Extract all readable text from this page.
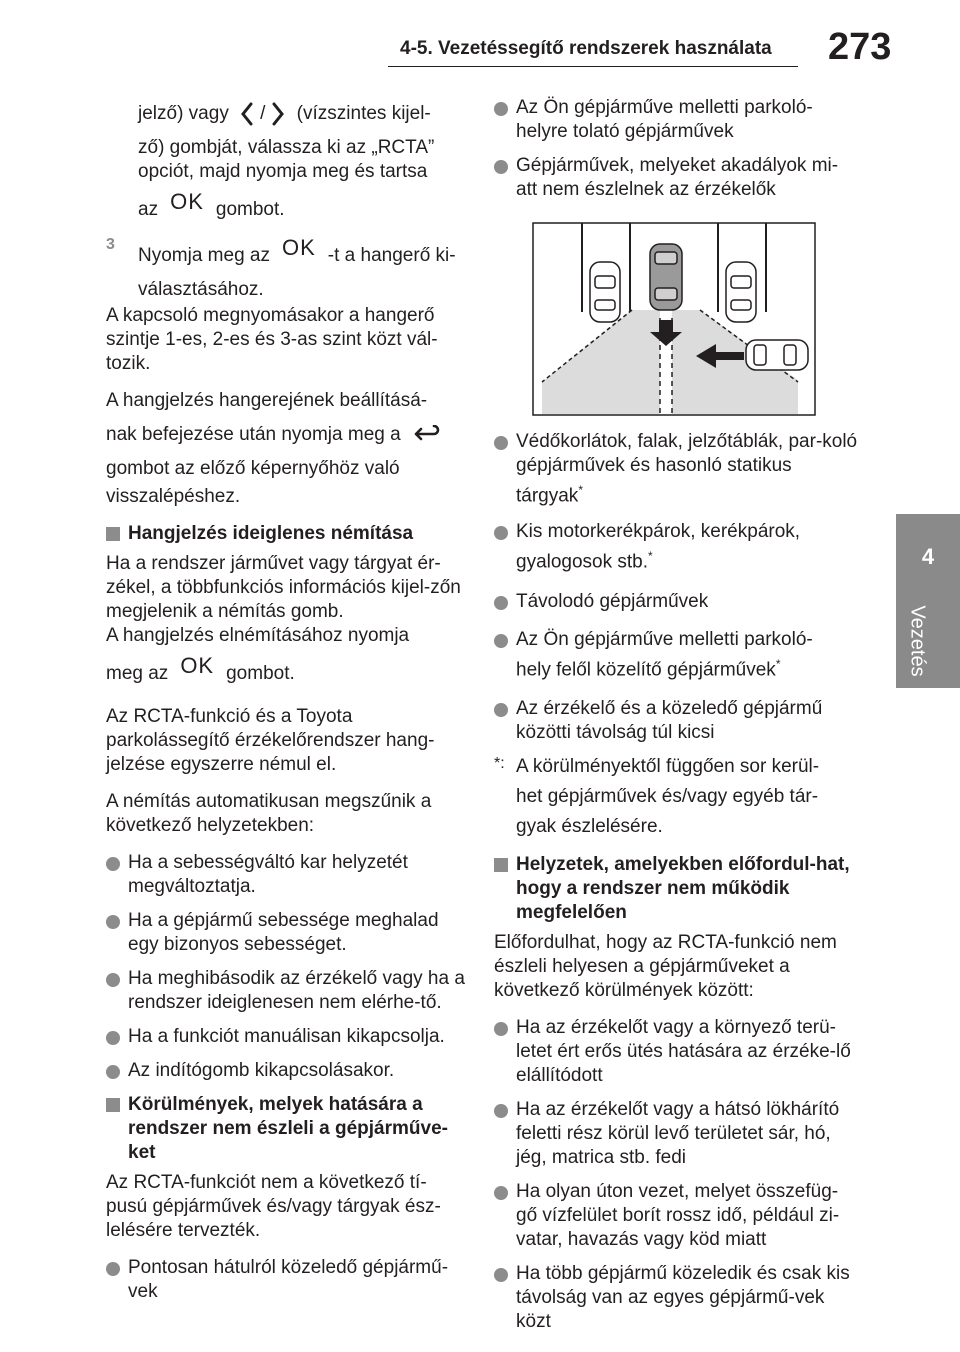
4-5. Vezetéssegítő rendszerek használata 273
4
Vezetés

jelző) vagy / (vízszintes kijel-

ző) gombját, válassza ki az „RCTA”

opciót, majd nyomja meg és tartsa

az OK gombot.

3

Nyomja meg az OK -t a hangerő ki-

választásához.

A kapcsoló megnyomásakor a hangerő szintje 1-es, 2-es és 3-as szint közt vál-tozik.

A hangjelzés hangerejének beállításá-

nak befejezése után nyomja meg a

gombot az előző képernyőhöz való

visszalépéshez.

Hangjelzés ideiglenes némítása

Ha a rendszer járművet vagy tárgyat ér-zékel, a többfunkciós információs kijel-zőn megjelenik a némítás gomb.

A hangjelzés elnémításához nyomja

meg az OK gombot.

Az RCTA-funkció és a Toyota parkolássegítő érzékelőrendszer hang-jelzése egyszerre némul el.

A némítás automatikusan megszűnik a következő helyzetekben:

Ha a sebességváltó kar helyzetét megváltoztatja.
Ha a gépjármű sebessége meghalad egy bizonyos sebességet.
Ha meghibásodik az érzékelő vagy ha a rendszer ideiglenesen nem elérhe-tő.
Ha a funkciót manuálisan kikapcsolja.
Az indítógomb kikapcsolásakor.
Körülmények, melyek hatására a rendszer nem észleli a gépjárműve-ket

Az RCTA-funkciót nem a következő tí-pusú gépjárművek és/vagy tárgyak ész-lelésére tervezték.

Pontosan hátulról közeledő gépjármű-vek
Az Ön gépjárműve melletti parkoló-helyre tolató gépjárművek
Gépjárművek, melyeket akadályok mi-att nem észlelnek az érzékelők
Védőkorlátok, falak, jelzőtáblák, par-koló gépjárművek és hasonló statikus
tárgyak*
Kis motorkerékpárok, kerékpárok,
gyalogosok stb.*
Távolodó gépjárművek
Az Ön gépjárműve melletti parkoló-
hely felől közelítő gépjárművek*
Az érzékelő és a közeledő gépjármű közötti távolság túl kicsi
*: A körülményektől függően sor kerül-

het gépjárművek és/vagy egyéb tár-

gyak észlelésére.

Helyzetek, amelyekben előfordul-hat, hogy a rendszer nem működik megfelelően

Előfordulhat, hogy az RCTA-funkció nem észleli helyesen a gépjárműveket a következő körülmények között:

Ha az érzékelőt vagy a környező terü-letet ért erős ütés hatására az érzéke-lő elállítódott
Ha az érzékelőt vagy a hátsó lökhárító feletti rész körül levő területet sár, hó, jég, matrica stb. fedi
Ha olyan úton vezet, melyet összefüg-gő vízfelület borít rossz idő, például zi-vatar, havazás vagy köd miatt
Ha több gépjármű közeledik és csak kis távolság van az egyes gépjármű-vek közt
